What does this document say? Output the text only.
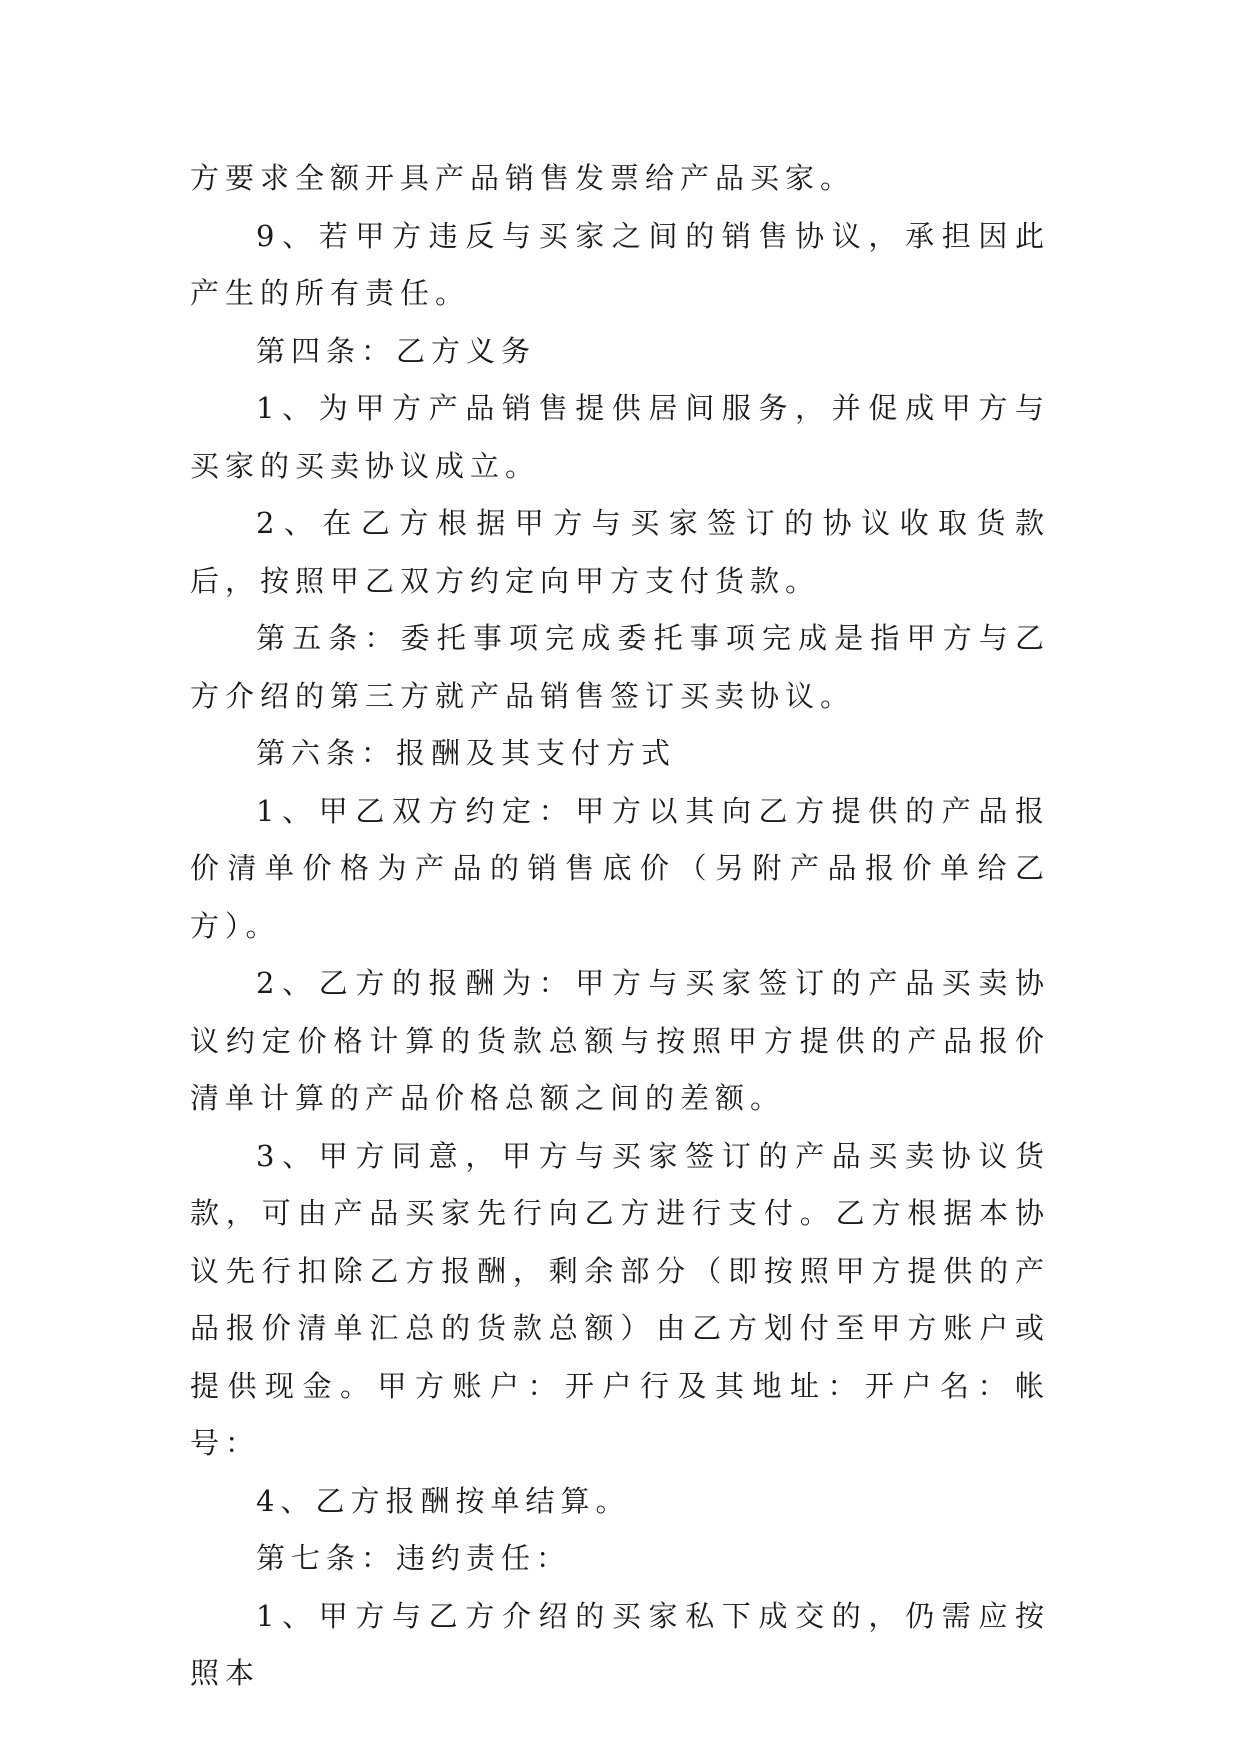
方要求全额开具产品销售发票给产品买家。

9、若甲方违反与买家之间的销售协议，承担因此产生的所有责任。

第四条：乙方义务

1、为甲方产品销售提供居间服务，并促成甲方与买家的买卖协议成立。

2、在乙方根据甲方与买家签订的协议收取货款后，按照甲乙双方约定向甲方支付货款。

第五条：委托事项完成委托事项完成是指甲方与乙方介绍的第三方就产品销售签订买卖协议。

第六条：报酬及其支付方式

1、甲乙双方约定：甲方以其向乙方提供的产品报价清单价格为产品的销售底价（另附产品报价单给乙方）。

2、乙方的报酬为：甲方与买家签订的产品买卖协议约定价格计算的货款总额与按照甲方提供的产品报价清单计算的产品价格总额之间的差额。

3、甲方同意，甲方与买家签订的产品买卖协议货款，可由产品买家先行向乙方进行支付。乙方根据本协议先行扣除乙方报酬，剩余部分（即按照甲方提供的产品报价清单汇总的货款总额）由乙方划付至甲方账户或提供现金。甲方账户：开户行及其地址：开户名：帐号：

4、乙方报酬按单结算。

第七条：违约责任：

1、甲方与乙方介绍的买家私下成交的，仍需应按照本
